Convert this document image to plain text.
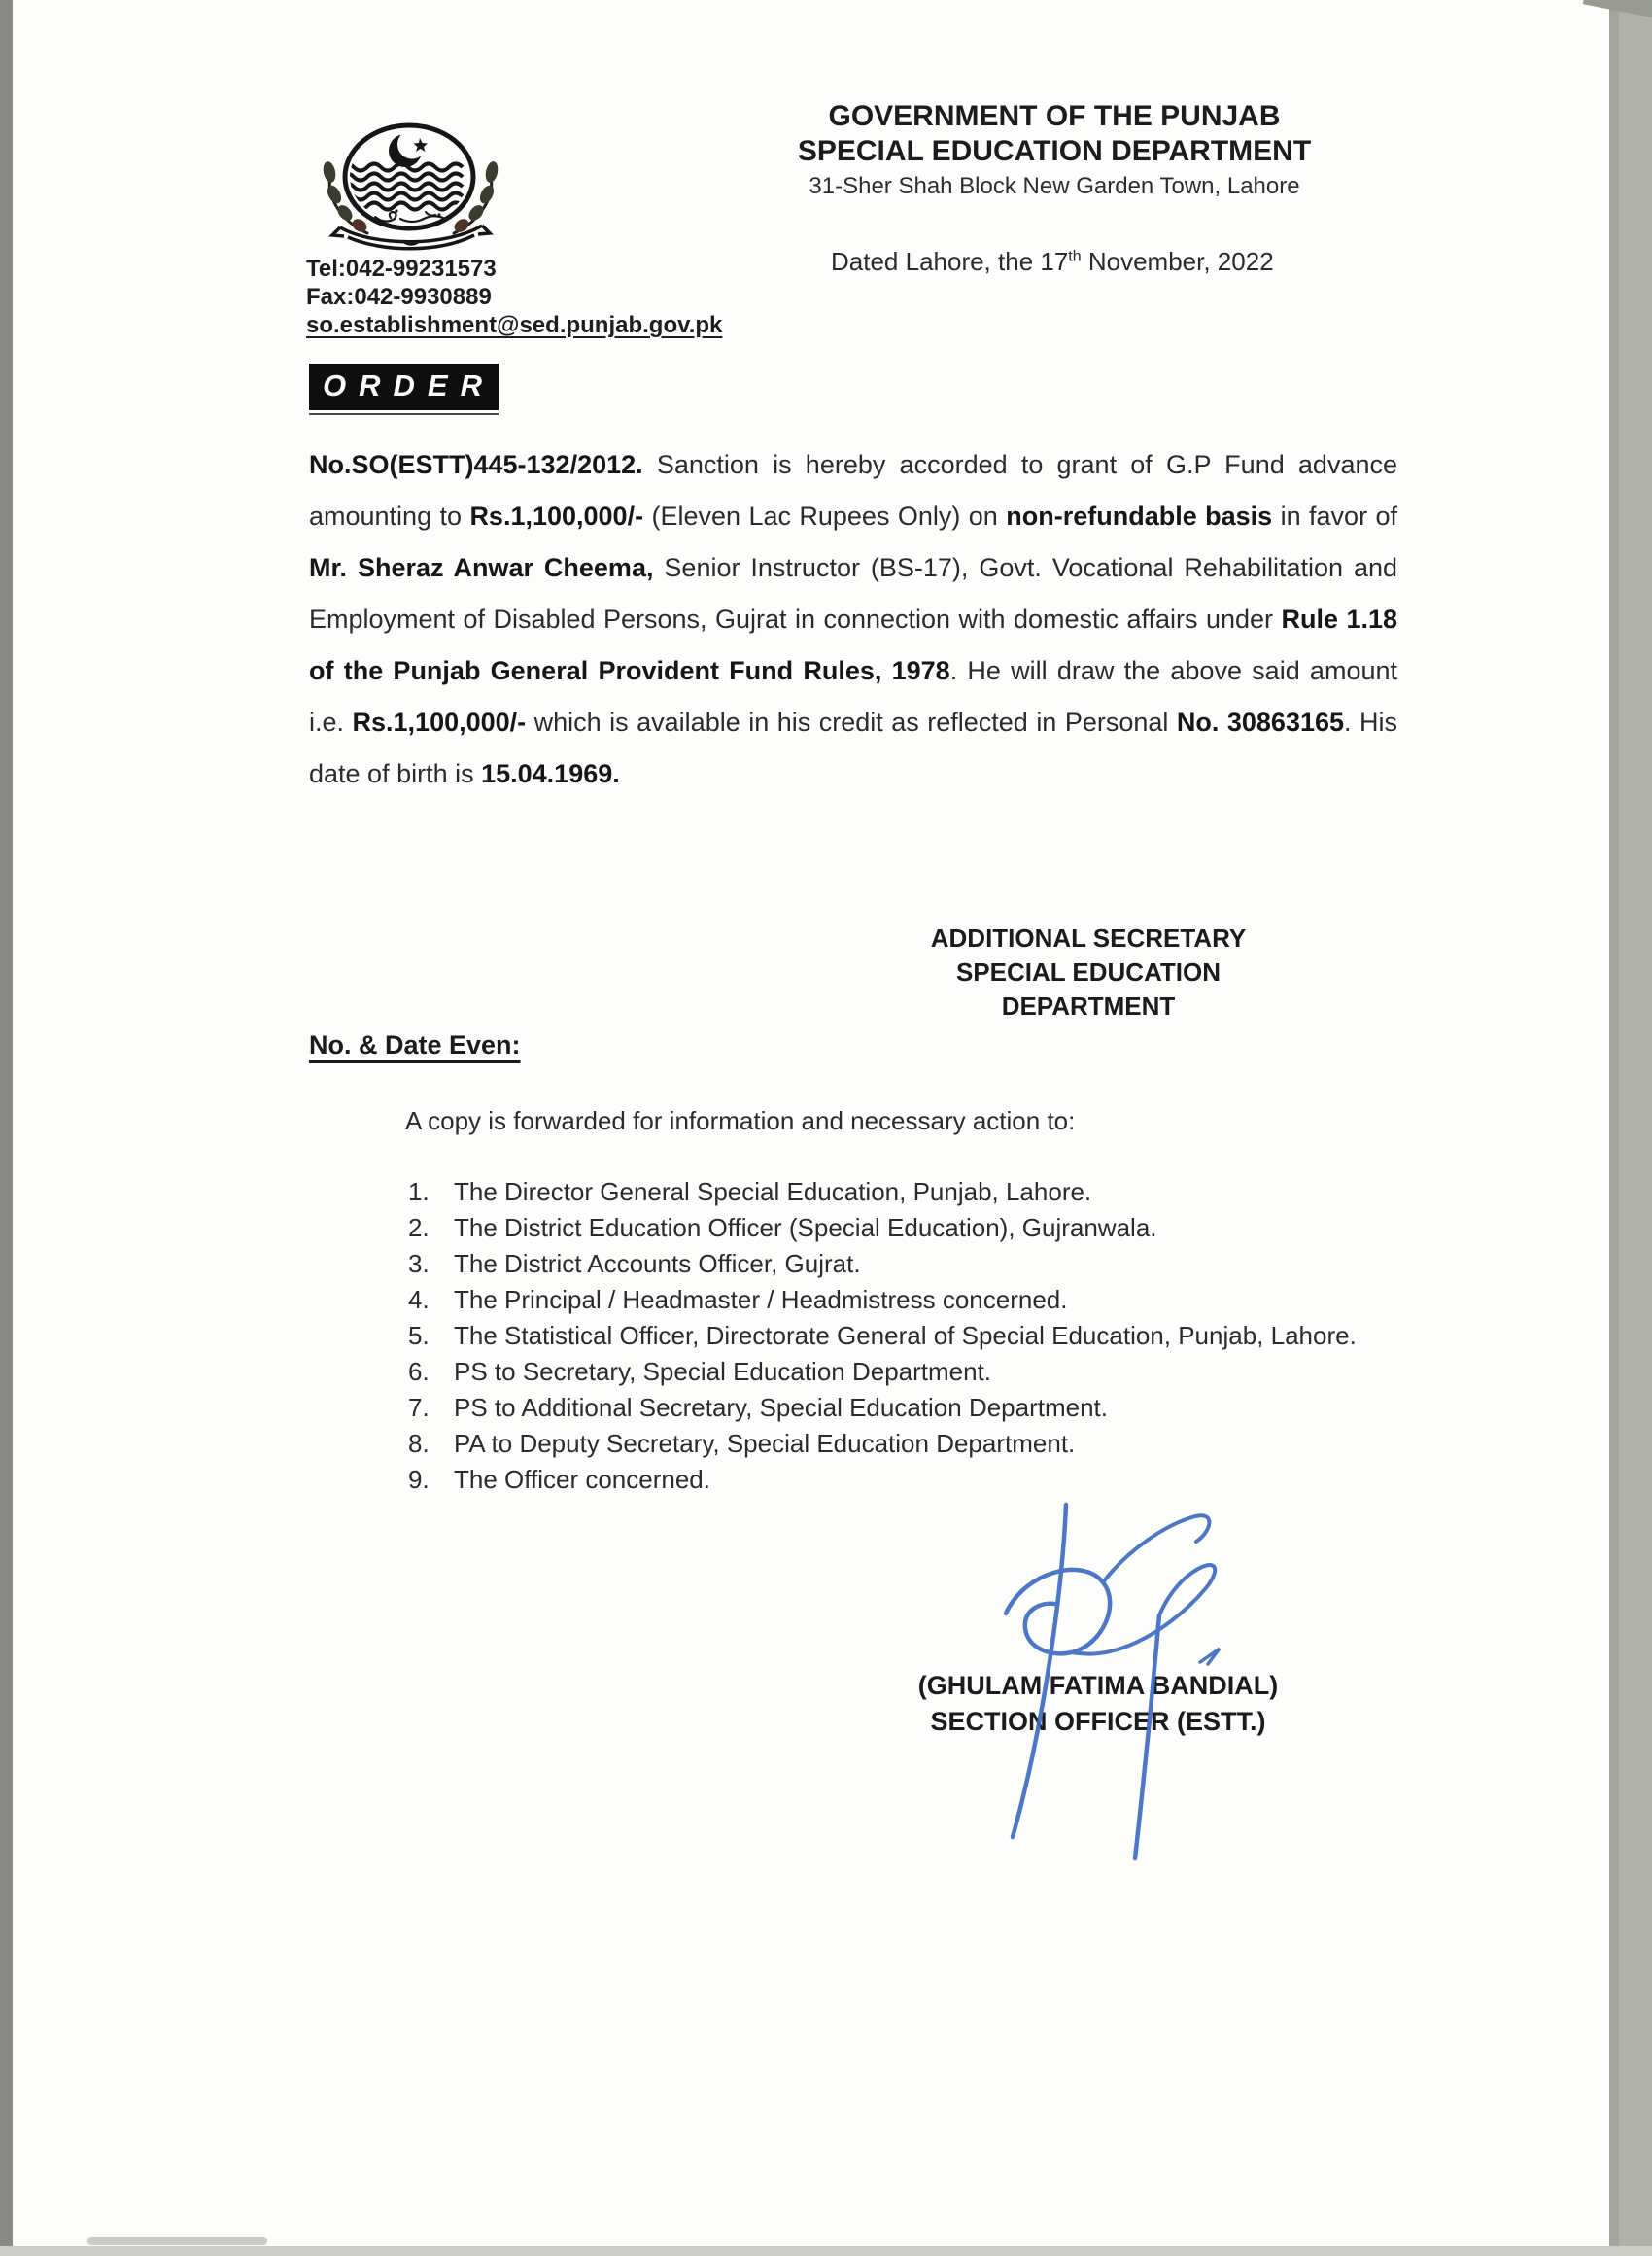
GOVERNMENT OF THE PUNJAB
SPECIAL EDUCATION DEPARTMENT
31-Sher Shah Block New Garden Town, Lahore
Dated Lahore, the 17th November, 2022
Tel:042-99231573
Fax:042-9930889
so.establishment@sed.punjab.gov.pk
ORDER
No.SO(ESTT)445-132/2012. Sanction is hereby accorded to grant of G.P Fund advance amounting to Rs.1,100,000/- (Eleven Lac Rupees Only) on non-refundable basis in favor of Mr. Sheraz Anwar Cheema, Senior Instructor (BS-17), Govt. Vocational Rehabilitation and Employment of Disabled Persons, Gujrat in connection with domestic affairs under Rule 1.18 of the Punjab General Provident Fund Rules, 1978. He will draw the above said amount i.e. Rs.1,100,000/- which is available in his credit as reflected in Personal No. 30863165. His date of birth is 15.04.1969.
ADDITIONAL SECRETARY
SPECIAL EDUCATION
DEPARTMENT
No. & Date Even:
A copy is forwarded for information and necessary action to:
1. The Director General Special Education, Punjab, Lahore.
2. The District Education Officer (Special Education), Gujranwala.
3. The District Accounts Officer, Gujrat.
4. The Principal / Headmaster / Headmistress concerned.
5. The Statistical Officer, Directorate General of Special Education, Punjab, Lahore.
6. PS to Secretary, Special Education Department.
7. PS to Additional Secretary, Special Education Department.
8. PA to Deputy Secretary, Special Education Department.
9. The Officer concerned.
(GHULAM FATIMA BANDIAL)
SECTION OFFICER (ESTT.)
